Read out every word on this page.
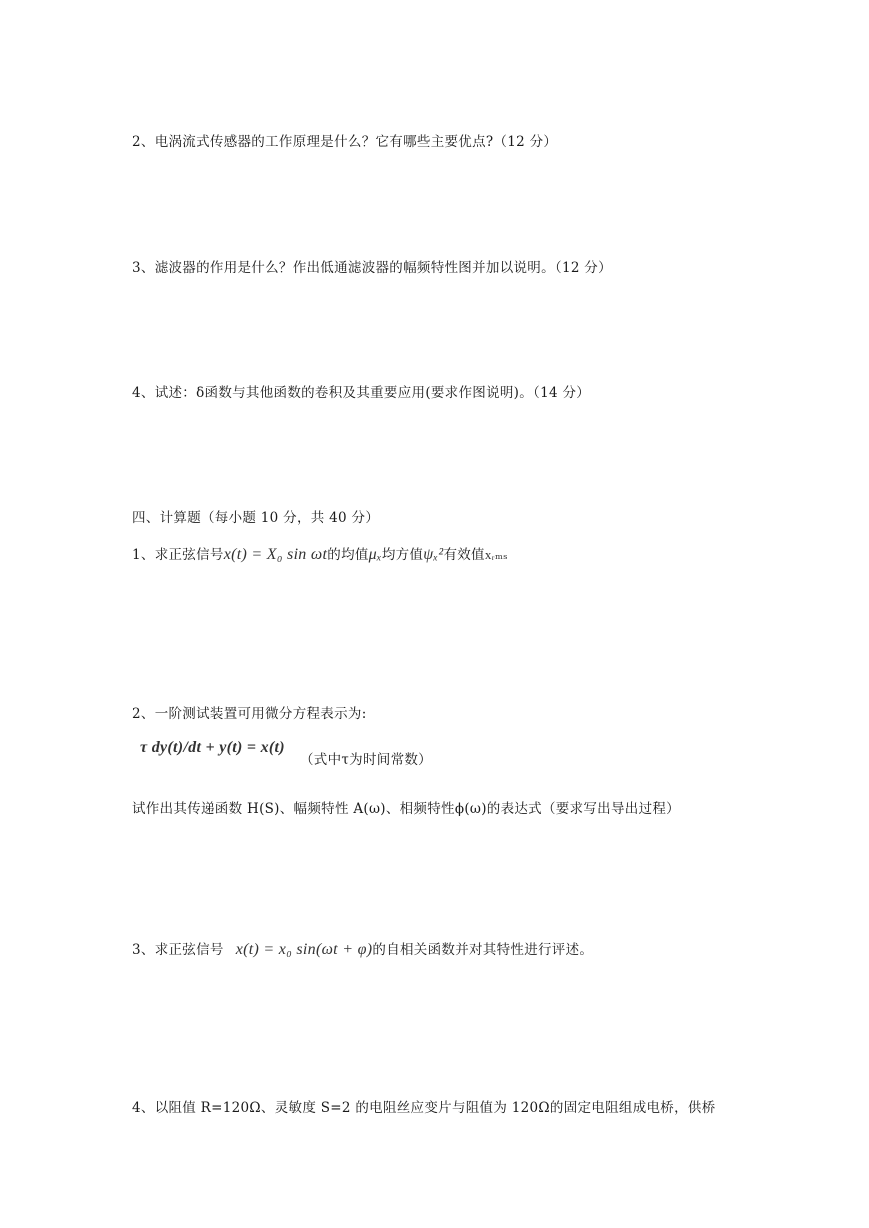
2、电涡流式传感器的工作原理是什么？它有哪些主要优点?（12 分）
3、滤波器的作用是什么？作出低通滤波器的幅频特性图并加以说明。（12 分）
4、试述：δ函数与其他函数的卷积及其重要应用(要求作图说明)。（14 分）
四、计算题（每小题 10 分，共 40 分）
1、求正弦信号x(t) = X₀ sin ωt的均值μₓ均方值ψₓ²有效值xᵣₘₛ
2、一阶测试装置可用微分方程表示为:
τ dy(t)/dt + y(t) = x(t)
（式中τ为时间常数）
试作出其传递函数 H(S)、幅频特性 A(ω)、相频特性ϕ(ω)的表达式（要求写出导出过程）
3、求正弦信号 x(t) = x₀ sin(ωt + φ)的自相关函数并对其特性进行评述。
4、以阻值 R=120Ω、灵敏度 S=2 的电阻丝应变片与阻值为 120Ω的固定电阻组成电桥，供桥
